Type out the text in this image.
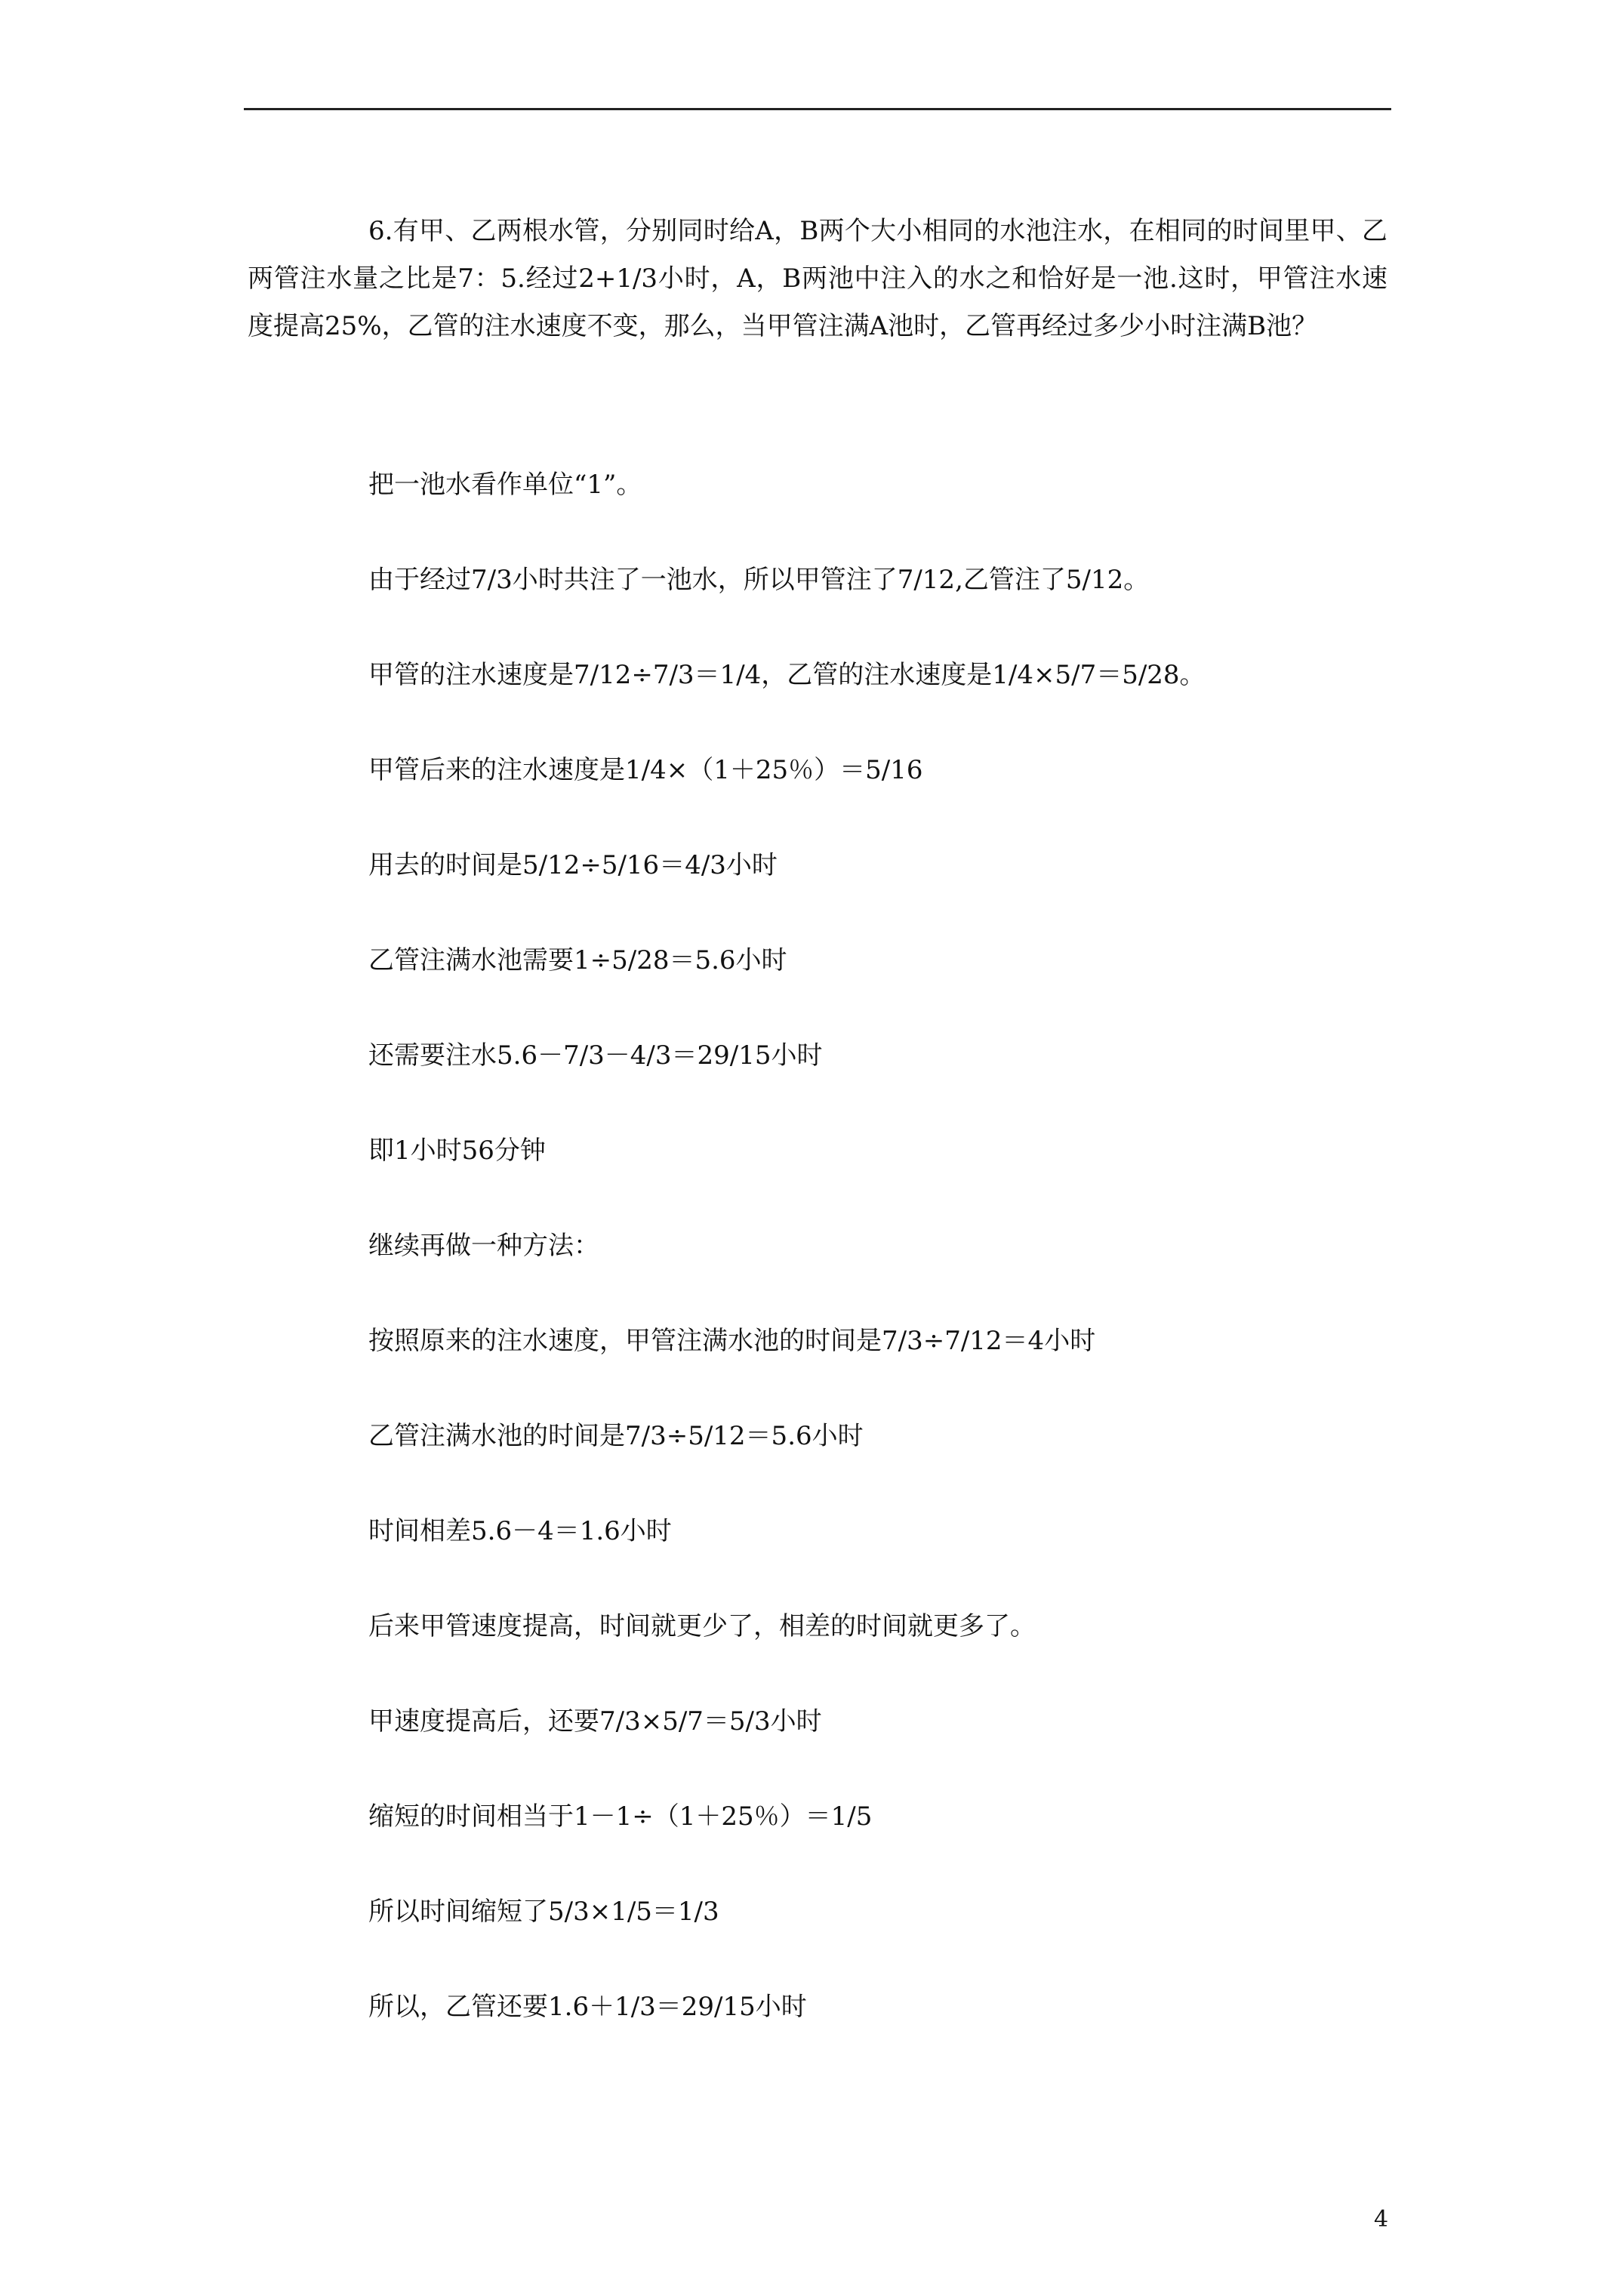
6.有甲、乙两根水管，分别同时给A，B两个大小相同的水池注水，在相同的时间里甲、乙两管注水量之比是7：5.经过2+1/3小时，A，B两池中注入的水之和恰好是一池.这时，甲管注水速度提高25%，乙管的注水速度不变，那么，当甲管注满A池时，乙管再经过多少小时注满B池？

把一池水看作单位“1”。
由于经过7/3小时共注了一池水，所以甲管注了7/12,乙管注了5/12。
甲管的注水速度是7/12÷7/3＝1/4，乙管的注水速度是1/4×5/7＝5/28。
甲管后来的注水速度是1/4×（1＋25％）＝5/16
用去的时间是5/12÷5/16＝4/3小时
乙管注满水池需要1÷5/28＝5.6小时
还需要注水5.6－7/3－4/3＝29/15小时
即1小时56分钟
继续再做一种方法：
按照原来的注水速度，甲管注满水池的时间是7/3÷7/12＝4小时
乙管注满水池的时间是7/3÷5/12＝5.6小时
时间相差5.6－4＝1.6小时
后来甲管速度提高，时间就更少了，相差的时间就更多了。
甲速度提高后，还要7/3×5/7＝5/3小时
缩短的时间相当于1－1÷（1＋25％）＝1/5
所以时间缩短了5/3×1/5＝1/3
所以，乙管还要1.6＋1/3＝29/15小时
4
